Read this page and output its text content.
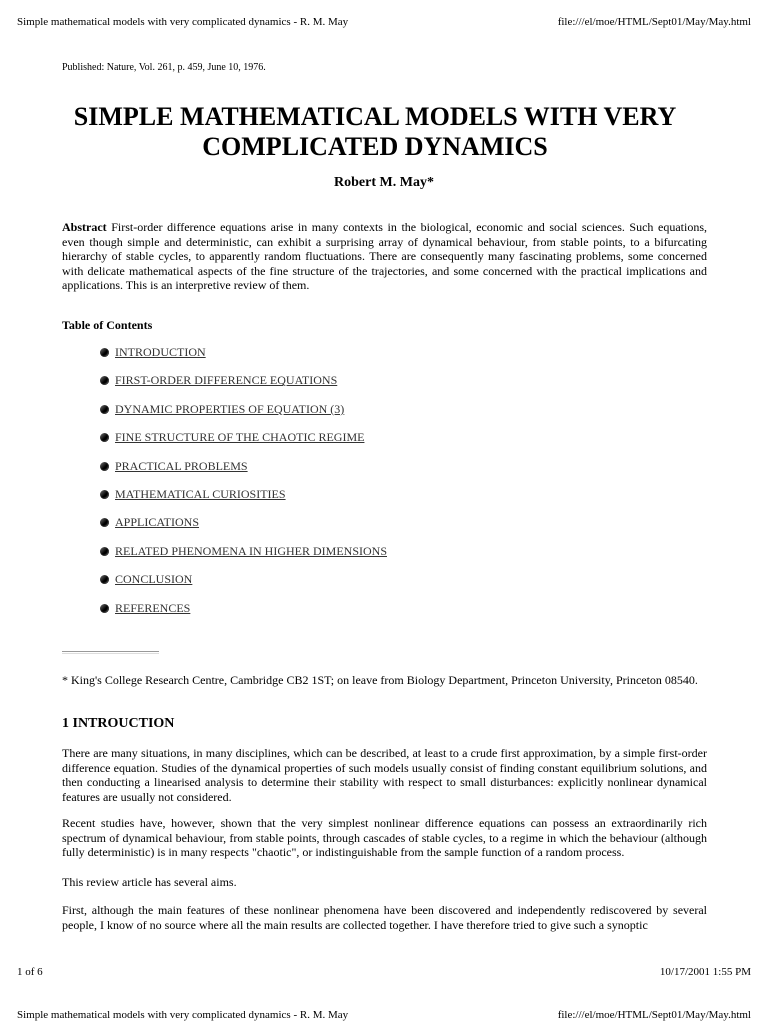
Simple mathematical models with very complicated dynamics - R. M. May	file:///el/moe/HTML/Sept01/May/May.html
Published: Nature, Vol. 261, p. 459, June 10, 1976.
SIMPLE MATHEMATICAL MODELS WITH VERY COMPLICATED DYNAMICS
Robert M. May*
Abstract First-order difference equations arise in many contexts in the biological, economic and social sciences. Such equations, even though simple and deterministic, can exhibit a surprising array of dynamical behaviour, from stable points, to a bifurcating hierarchy of stable cycles, to apparently random fluctuations. There are consequently many fascinating problems, some concerned with delicate mathematical aspects of the fine structure of the trajectories, and some concerned with the practical implications and applications. This is an interpretive review of them.
Table of Contents
INTRODUCTION
FIRST-ORDER DIFFERENCE EQUATIONS
DYNAMIC PROPERTIES OF EQUATION (3)
FINE STRUCTURE OF THE CHAOTIC REGIME
PRACTICAL PROBLEMS
MATHEMATICAL CURIOSITIES
APPLICATIONS
RELATED PHENOMENA IN HIGHER DIMENSIONS
CONCLUSION
REFERENCES
* King's College Research Centre, Cambridge CB2 1ST; on leave from Biology Department, Princeton University, Princeton 08540.
1 INTROUCTION
There are many situations, in many disciplines, which can be described, at least to a crude first approximation, by a simple first-order difference equation. Studies of the dynamical properties of such models usually consist of finding constant equilibrium solutions, and then conducting a linearised analysis to determine their stability with respect to small disturbances: explicitly nonlinear dynamical features are usually not considered.
Recent studies have, however, shown that the very simplest nonlinear difference equations can possess an extraordinarily rich spectrum of dynamical behaviour, from stable points, through cascades of stable cycles, to a regime in which the behaviour (although fully deterministic) is in many respects "chaotic", or indistinguishable from the sample function of a random process.
This review article has several aims.
First, although the main features of these nonlinear phenomena have been discovered and independently rediscovered by several people, I know of no source where all the main results are collected together. I have therefore tried to give such a synoptic
1 of 6	10/17/2001 1:55 PM
Simple mathematical models with very complicated dynamics - R. M. May	file:///el/moe/HTML/Sept01/May/May.html
